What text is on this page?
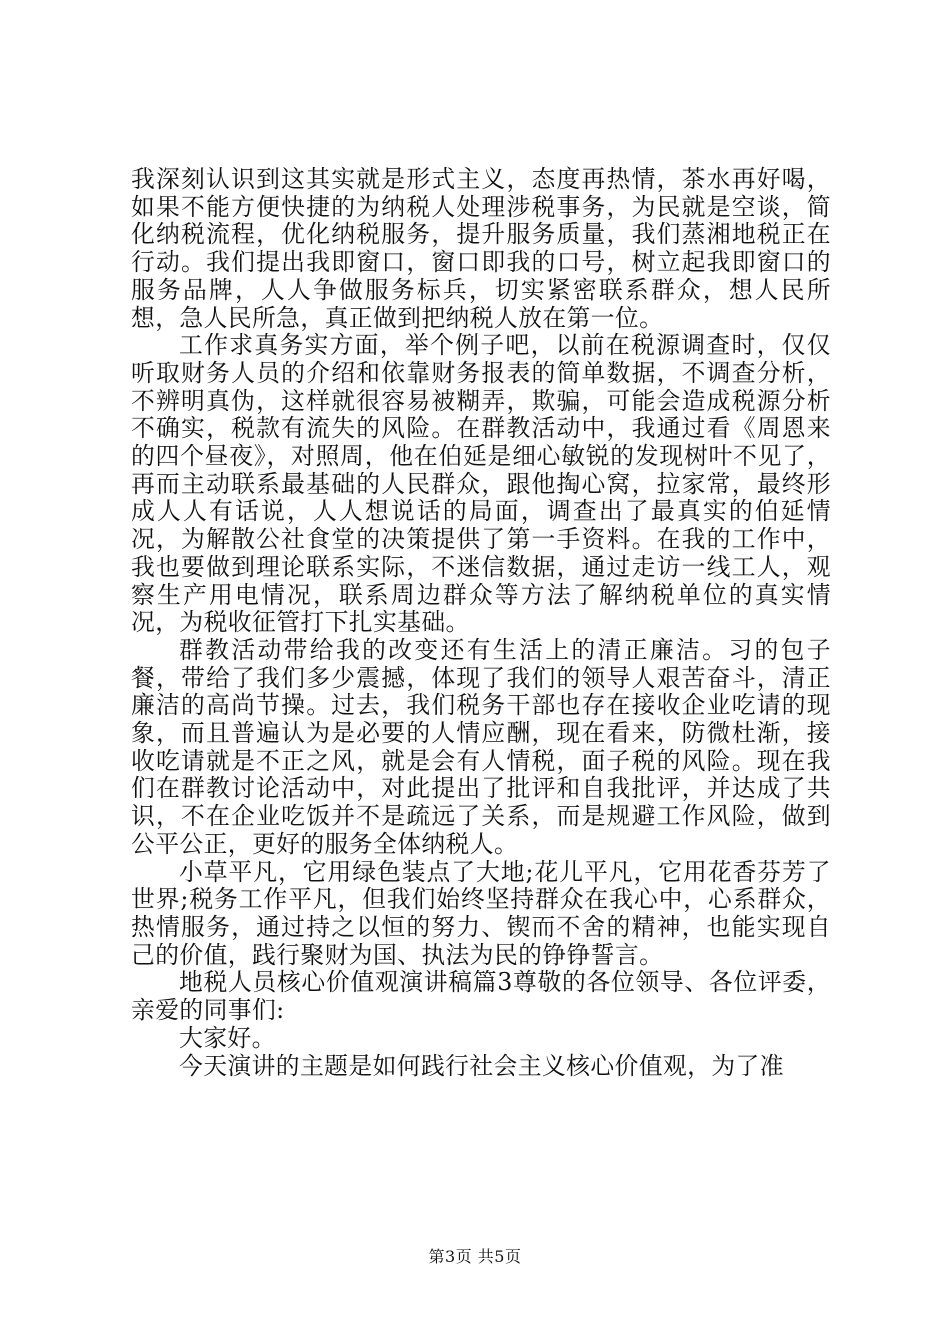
我深刻认识到这其实就是形式主义，态度再热情，茶水再好喝，如果不能方便快捷的为纳税人处理涉税事务，为民就是空谈，简化纳税流程，优化纳税服务，提升服务质量，我们蒸湘地税正在行动。我们提出我即窗口，窗口即我的口号，树立起我即窗口的服务品牌，人人争做服务标兵，切实紧密联系群众，想人民所想，急人民所急，真正做到把纳税人放在第一位。

工作求真务实方面，举个例子吧，以前在税源调查时，仅仅听取财务人员的介绍和依靠财务报表的简单数据，不调查分析，不辨明真伪，这样就很容易被糊弄，欺骗，可能会造成税源分析不确实，税款有流失的风险。在群教活动中，我通过看《周恩来的四个昼夜》，对照周，他在伯延是细心敏锐的发现树叶不见了，再而主动联系最基础的人民群众，跟他掏心窝，拉家常，最终形成人人有话说，人人想说话的局面，调查出了最真实的伯延情况，为解散公社食堂的决策提供了第一手资料。在我的工作中，我也要做到理论联系实际，不迷信数据，通过走访一线工人，观察生产用电情况，联系周边群众等方法了解纳税单位的真实情况，为税收征管打下扎实基础。

群教活动带给我的改变还有生活上的清正廉洁。习的包子餐，带给了我们多少震撼，体现了我们的领导人艰苦奋斗，清正廉洁的高尚节操。过去，我们税务干部也存在接收企业吃请的现象，而且普遍认为是必要的人情应酬，现在看来，防微杜渐，接收吃请就是不正之风，就是会有人情税，面子税的风险。现在我们在群教讨论活动中，对此提出了批评和自我批评，并达成了共识，不在企业吃饭并不是疏远了关系，而是规避工作风险，做到公平公正，更好的服务全体纳税人。

小草平凡，它用绿色装点了大地;花儿平凡，它用花香芬芳了世界;税务工作平凡，但我们始终坚持群众在我心中，心系群众，热情服务，通过持之以恒的努力、锲而不舍的精神，也能实现自己的价值，践行聚财为国、执法为民的铮铮誓言。

地税人员核心价值观演讲稿篇3尊敬的各位领导、各位评委，亲爱的同事们:

大家好。

今天演讲的主题是如何践行社会主义核心价值观，为了准

第3页 共5页
